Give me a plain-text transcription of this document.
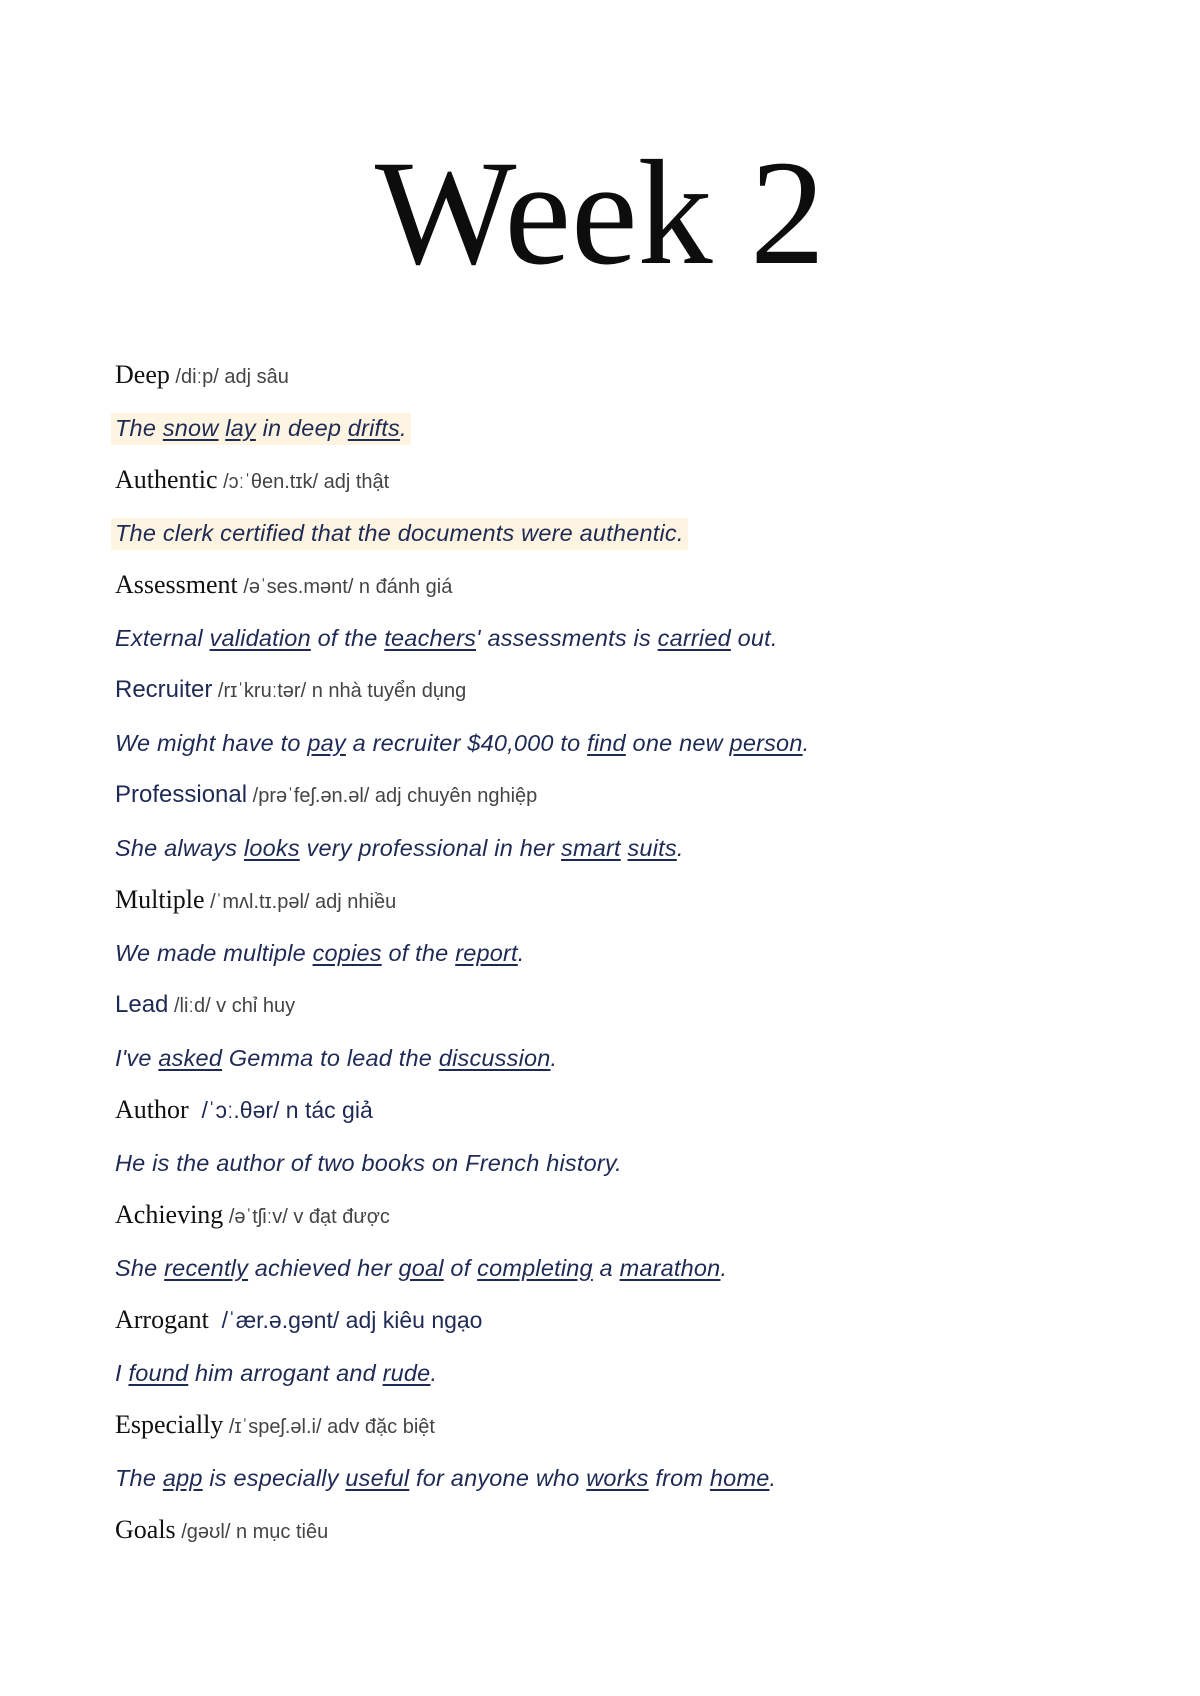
Week 2
Deep /diːp/ adj sâu
The snow lay in deep drifts.
Authentic /ɔːˈθen.tɪk/ adj thật
The clerk certified that the documents were authentic.
Assessment /əˈses.mənt/ n đánh giá
External validation of the teachers' assessments is carried out.
Recruiter /rɪˈkruːtər/ n nhà tuyển dụng
We might have to pay a recruiter $40,000 to find one new person.
Professional /prəˈfeʃ.ən.əl/ adj chuyên nghiệp
She always looks very professional in her smart suits.
Multiple /ˈmʌl.tɪ.pəl/ adj nhiều
We made multiple copies of the report.
Lead /liːd/ v chỉ huy
I've asked Gemma to lead the discussion.
Author  /ˈɔː.θər/ n tác giả
He is the author of two books on French history.
Achieving /əˈtʃiːv/ v đạt được
She recently achieved her goal of completing a marathon.
Arrogant  /ˈær.ə.ɡənt/ adj kiêu ngạo
I found him arrogant and rude.
Especially /ɪˈspeʃ.əl.i/ adv đặc biệt
The app is especially useful for anyone who works from home.
Goals /ɡəʊl/ n mục tiêu
